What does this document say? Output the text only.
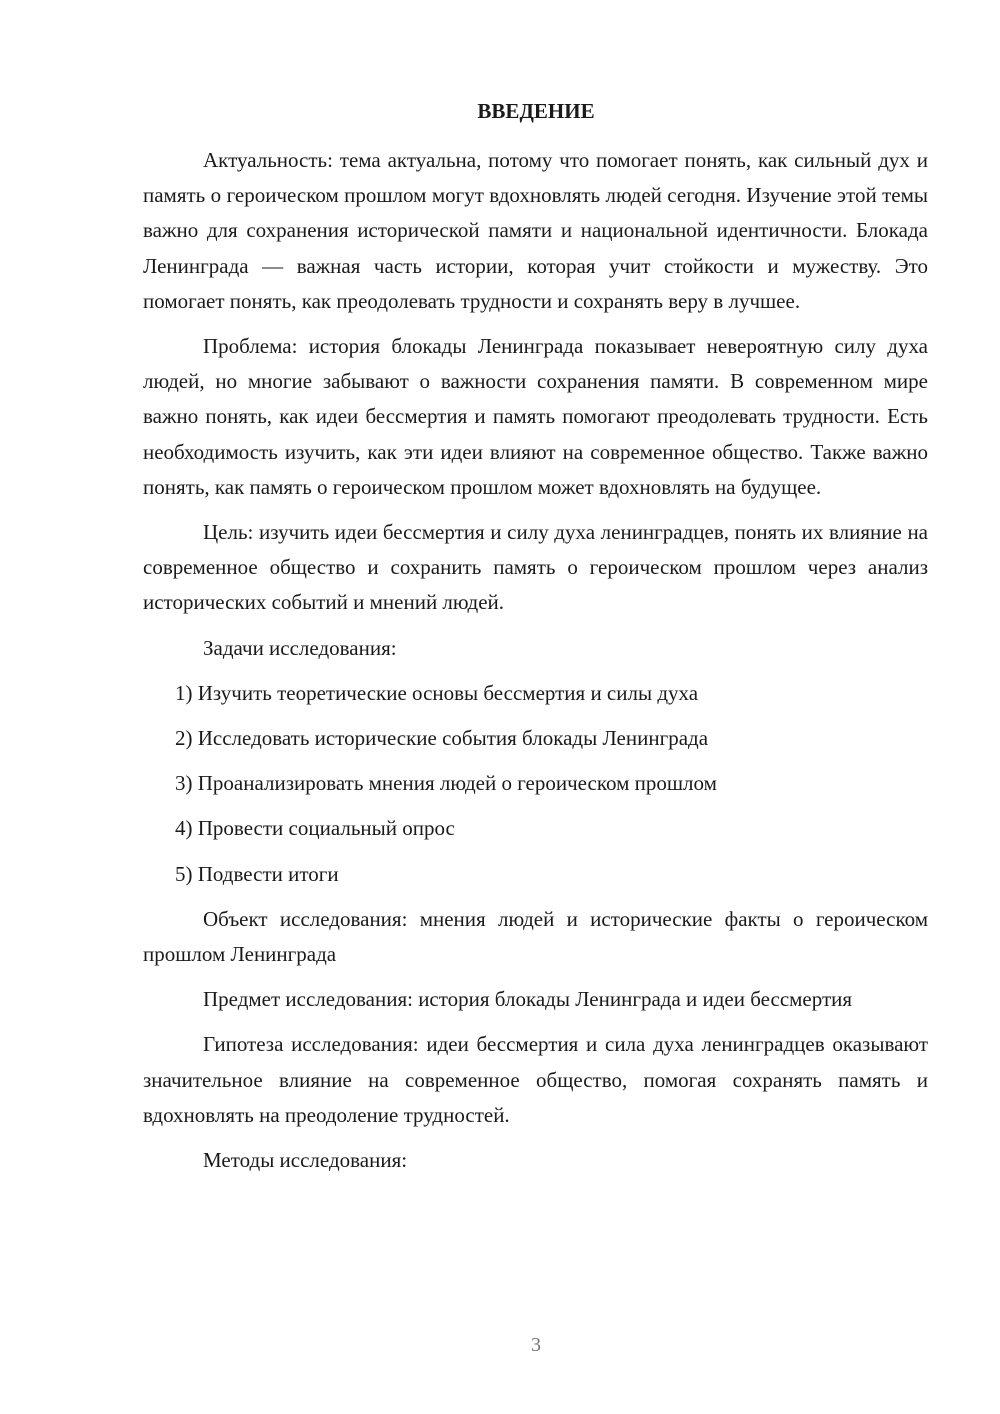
ВВЕДЕНИЕ

Актуальность: тема актуальна, потому что помогает понять, как сильный дух и память о героическом прошлом могут вдохновлять людей сегодня. Изучение этой темы важно для сохранения исторической памяти и национальной идентичности. Блокада Ленинграда — важная часть истории, которая учит стойкости и мужеству. Это помогает понять, как преодолевать трудности и сохранять веру в лучшее.

Проблема: история блокады Ленинграда показывает невероятную силу духа людей, но многие забывают о важности сохранения памяти. В современном мире важно понять, как идеи бессмертия и память помогают преодолевать трудности. Есть необходимость изучить, как эти идеи влияют на современное общество. Также важно понять, как память о героическом прошлом может вдохновлять на будущее.

Цель: изучить идеи бессмертия и силу духа ленинградцев, понять их влияние на современное общество и сохранить память о героическом прошлом через анализ исторических событий и мнений людей.

Задачи исследования:

1) Изучить теоретические основы бессмертия и силы духа

2) Исследовать исторические события блокады Ленинграда

3) Проанализировать мнения людей о героическом прошлом

4) Провести социальный опрос

5) Подвести итоги

Объект исследования: мнения людей и исторические факты о героическом прошлом Ленинграда

Предмет исследования: история блокады Ленинграда и идеи бессмертия

Гипотеза исследования: идеи бессмертия и сила духа ленинградцев оказывают значительное влияние на современное общество, помогая сохранять память и вдохновлять на преодоление трудностей.

Методы исследования:

3
